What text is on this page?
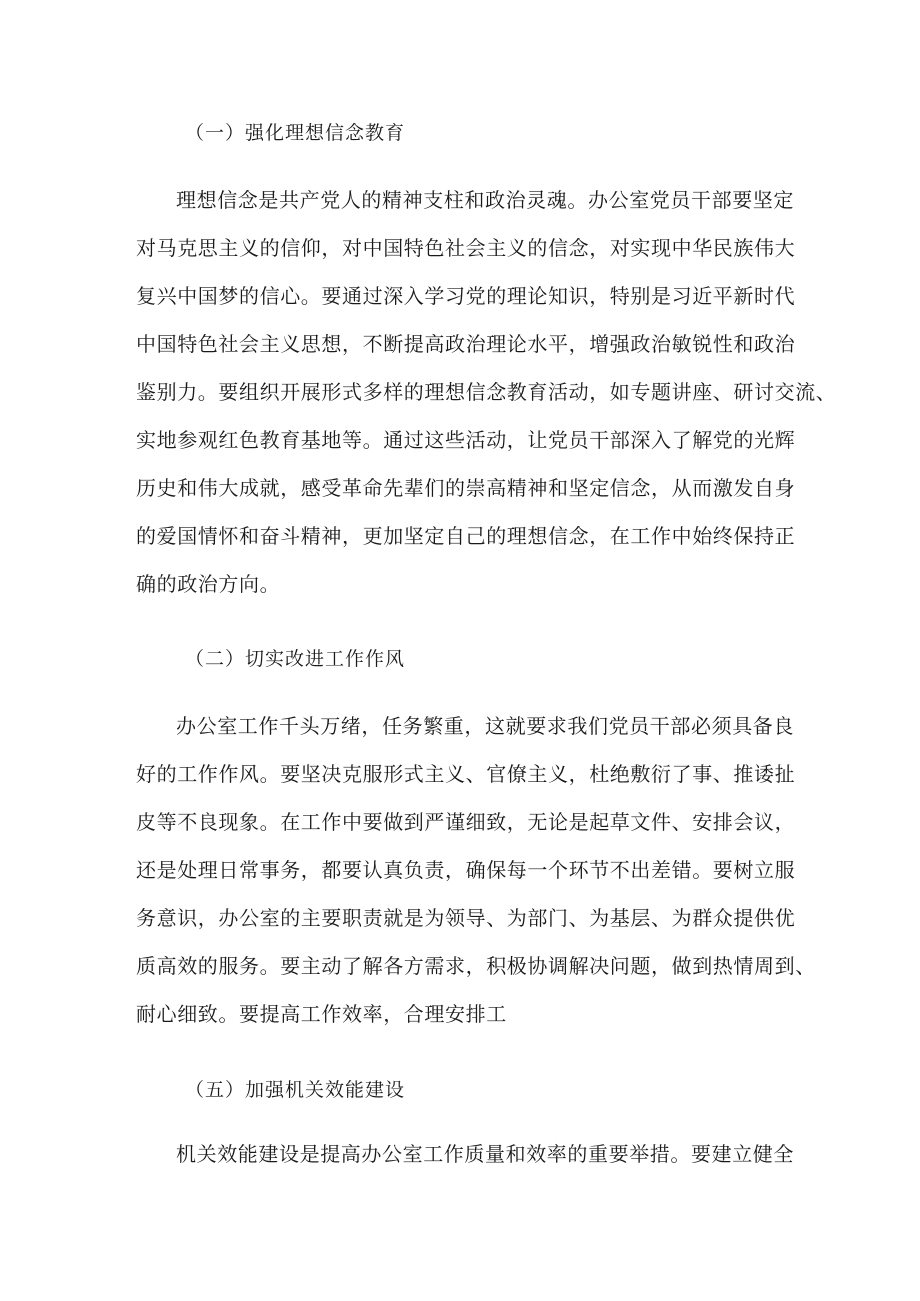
（一）强化理想信念教育
理想信念是共产党人的精神支柱和政治灵魂。办公室党员干部要坚定
对马克思主义的信仰，对中国特色社会主义的信念，对实现中华民族伟大
复兴中国梦的信心。要通过深入学习党的理论知识，特别是习近平新时代
中国特色社会主义思想，不断提高政治理论水平，增强政治敏锐性和政治
鉴别力。要组织开展形式多样的理想信念教育活动，如专题讲座、研讨交流、
实地参观红色教育基地等。通过这些活动，让党员干部深入了解党的光辉
历史和伟大成就，感受革命先辈们的崇高精神和坚定信念，从而激发自身
的爱国情怀和奋斗精神，更加坚定自己的理想信念，在工作中始终保持正
确的政治方向。
（二）切实改进工作作风
办公室工作千头万绪，任务繁重，这就要求我们党员干部必须具备良
好的工作作风。要坚决克服形式主义、官僚主义，杜绝敷衍了事、推诿扯
皮等不良现象。在工作中要做到严谨细致，无论是起草文件、安排会议，
还是处理日常事务，都要认真负责，确保每一个环节不出差错。要树立服
务意识，办公室的主要职责就是为领导、为部门、为基层、为群众提供优
质高效的服务。要主动了解各方需求，积极协调解决问题，做到热情周到、
耐心细致。要提高工作效率，合理安排工
（五）加强机关效能建设
机关效能建设是提高办公室工作质量和效率的重要举措。要建立健全
